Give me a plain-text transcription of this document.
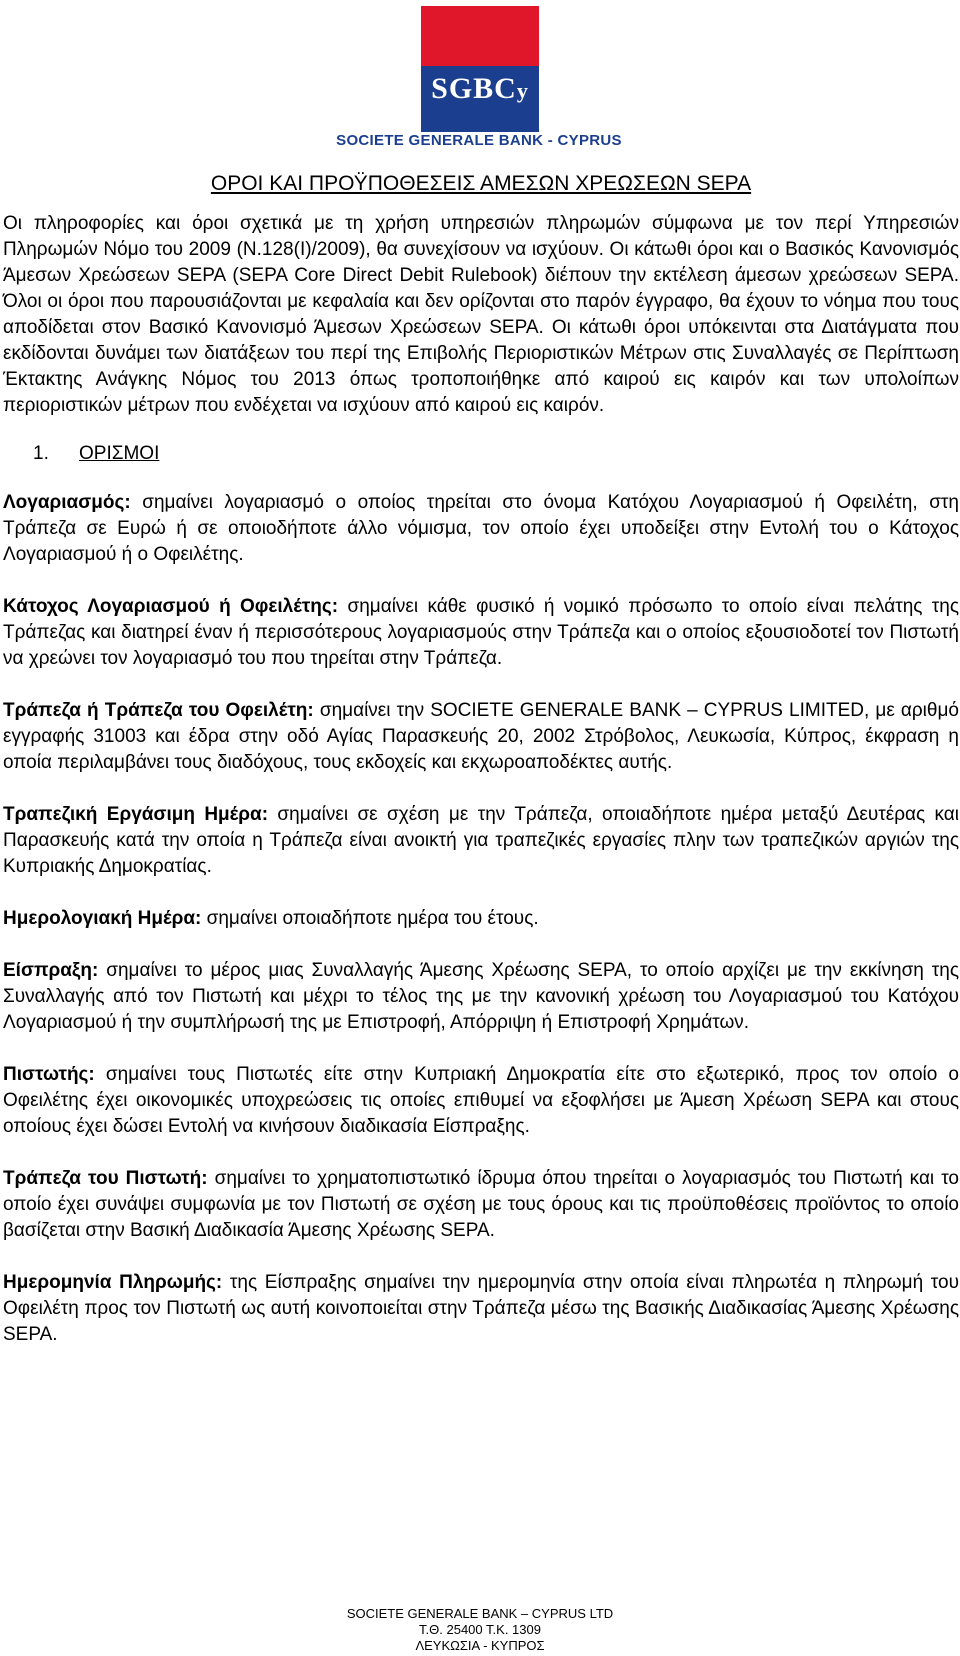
SGBCy
SOCIETE GENERALE BANK - CYPRUS
ΟΡΟΙ ΚΑΙ ΠΡΟΫΠΟΘΕΣΕΙΣ ΑΜΕΣΩΝ ΧΡΕΩΣΕΩΝ SEPA

Οι πληροφορίες και όροι σχετικά με τη χρήση υπηρεσιών πληρωμών σύμφωνα με τον περί Υπηρεσιών Πληρωμών Νόμο του 2009 (Ν.128(Ι)/2009), θα συνεχίσουν να ισχύουν. Οι κάτωθι όροι και ο Βασικός Κανονισμός Άμεσων Χρεώσεων SEPA (SEPA Core Direct Debit Rulebook) διέπουν την εκτέλεση άμεσων χρεώσεων SEPA. Όλοι οι όροι που παρουσιάζονται με κεφαλαία και δεν ορίζονται στο παρόν έγγραφο, θα έχουν το νόημα που τους αποδίδεται στον Βασικό Κανονισμό Άμεσων Χρεώσεων SEPA. Οι κάτωθι όροι υπόκεινται στα Διατάγματα που εκδίδονται δυνάμει των διατάξεων του περί της Επιβολής Περιοριστικών Μέτρων στις Συναλλαγές σε Περίπτωση Έκτακτης Ανάγκης Νόμος του 2013 όπως τροποποιήθηκε από καιρού εις καιρόν και των υπολοίπων περιοριστικών μέτρων που ενδέχεται να ισχύουν από καιρού εις καιρόν.

1. ΟΡΙΣΜΟΙ

Λογαριασμός: σημαίνει λογαριασμό ο οποίος τηρείται στο όνομα Κατόχου Λογαριασμού ή Οφειλέτη, στη Τράπεζα σε Ευρώ ή σε οποιοδήποτε άλλο νόμισμα, τον οποίο έχει υποδείξει στην Εντολή του ο Κάτοχος Λογαριασμού ή ο Οφειλέτης.

Κάτοχος Λογαριασμού ή Οφειλέτης: σημαίνει κάθε φυσικό ή νομικό πρόσωπο το οποίο είναι πελάτης της Τράπεζας και διατηρεί έναν ή περισσότερους λογαριασμούς στην Τράπεζα και ο οποίος εξουσιοδοτεί τον Πιστωτή να χρεώνει τον λογαριασμό του που τηρείται στην Τράπεζα.

Τράπεζα ή Τράπεζα του Οφειλέτη: σημαίνει την SOCIETE GENERALE BANK – CYPRUS LIMITED, με αριθμό εγγραφής 31003 και έδρα στην οδό Αγίας Παρασκευής 20, 2002 Στρόβολος, Λευκωσία, Κύπρος, έκφραση η οποία περιλαμβάνει τους διαδόχους, τους εκδοχείς και εκχωροαποδέκτες αυτής.

Τραπεζική Εργάσιμη Ημέρα: σημαίνει σε σχέση με την Τράπεζα, οποιαδήποτε ημέρα μεταξύ Δευτέρας και Παρασκευής κατά την οποία η Τράπεζα είναι ανοικτή για τραπεζικές εργασίες πλην των τραπεζικών αργιών της Κυπριακής Δημοκρατίας.

Ημερολογιακή Ημέρα: σημαίνει οποιαδήποτε ημέρα του έτους.

Είσπραξη: σημαίνει το μέρος μιας Συναλλαγής Άμεσης Χρέωσης SEPA, το οποίο αρχίζει με την εκκίνηση της Συναλλαγής από τον Πιστωτή και μέχρι το τέλος της με την κανονική χρέωση του Λογαριασμού του Κατόχου Λογαριασμού ή την συμπλήρωσή της με Επιστροφή, Απόρριψη ή Επιστροφή Χρημάτων.

Πιστωτής: σημαίνει τους Πιστωτές είτε στην Κυπριακή Δημοκρατία είτε στο εξωτερικό, προς τον οποίο ο Οφειλέτης έχει οικονομικές υποχρεώσεις τις οποίες επιθυμεί να εξοφλήσει με Άμεση Χρέωση SEPA και στους οποίους έχει δώσει Εντολή να κινήσουν διαδικασία Είσπραξης.

Τράπεζα του Πιστωτή: σημαίνει το χρηματοπιστωτικό ίδρυμα όπου τηρείται ο λογαριασμός του Πιστωτή και το οποίο έχει συνάψει συμφωνία με τον Πιστωτή σε σχέση με τους όρους και τις προϋποθέσεις προϊόντος το οποίο βασίζεται στην Βασική Διαδικασία Άμεσης Χρέωσης SEPA.

Ημερομηνία Πληρωμής: της Είσπραξης σημαίνει την ημερομηνία στην οποία είναι πληρωτέα η πληρωμή του Οφειλέτη προς τον Πιστωτή ως αυτή κοινοποιείται στην Τράπεζα μέσω της Βασικής Διαδικασίας Άμεσης Χρέωσης SEPA.

SOCIETE GENERALE BANK – CYPRUS LTD
Τ.Θ. 25400 Τ.Κ. 1309
ΛΕΥΚΩΣΙΑ - ΚΥΠΡΟΣ
